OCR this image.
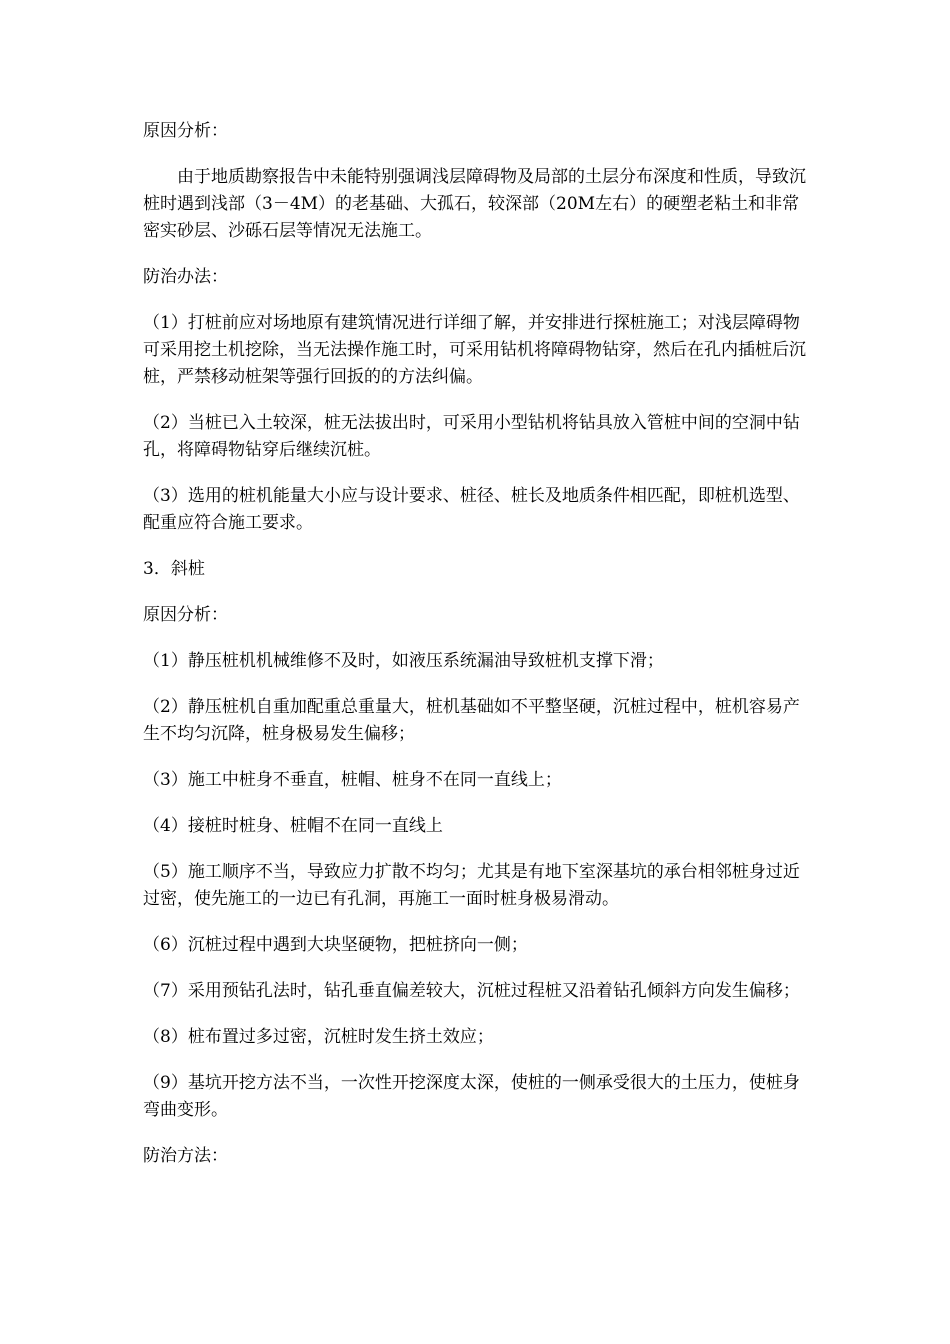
原因分析：

由于地质勘察报告中未能特别强调浅层障碍物及局部的土层分布深度和性质，导致沉桩时遇到浅部（3－4M）的老基础、大孤石，较深部（20M左右）的硬塑老粘土和非常密实砂层、沙砾石层等情况无法施工。

防治办法：

（1）打桩前应对场地原有建筑情况进行详细了解，并安排进行探桩施工；对浅层障碍物可采用挖土机挖除，当无法操作施工时，可采用钻机将障碍物钻穿，然后在孔内插桩后沉桩，严禁移动桩架等强行回扳的的方法纠偏。

（2）当桩已入土较深，桩无法拔出时，可采用小型钻机将钻具放入管桩中间的空洞中钻孔，将障碍物钻穿后继续沉桩。

（3）选用的桩机能量大小应与设计要求、桩径、桩长及地质条件相匹配，即桩机选型、配重应符合施工要求。

3．斜桩

原因分析：

（1）静压桩机机械维修不及时，如液压系统漏油导致桩机支撑下滑；

（2）静压桩机自重加配重总重量大，桩机基础如不平整坚硬，沉桩过程中，桩机容易产生不均匀沉降，桩身极易发生偏移；

（3）施工中桩身不垂直，桩帽、桩身不在同一直线上；

（4）接桩时桩身、桩帽不在同一直线上

（5）施工顺序不当，导致应力扩散不均匀；尤其是有地下室深基坑的承台相邻桩身过近过密，使先施工的一边已有孔洞，再施工一面时桩身极易滑动。

（6）沉桩过程中遇到大块坚硬物，把桩挤向一侧；

（7）采用预钻孔法时，钻孔垂直偏差较大，沉桩过程桩又沿着钻孔倾斜方向发生偏移；

（8）桩布置过多过密，沉桩时发生挤土效应；

（9）基坑开挖方法不当，一次性开挖深度太深，使桩的一侧承受很大的土压力，使桩身弯曲变形。

防治方法：
